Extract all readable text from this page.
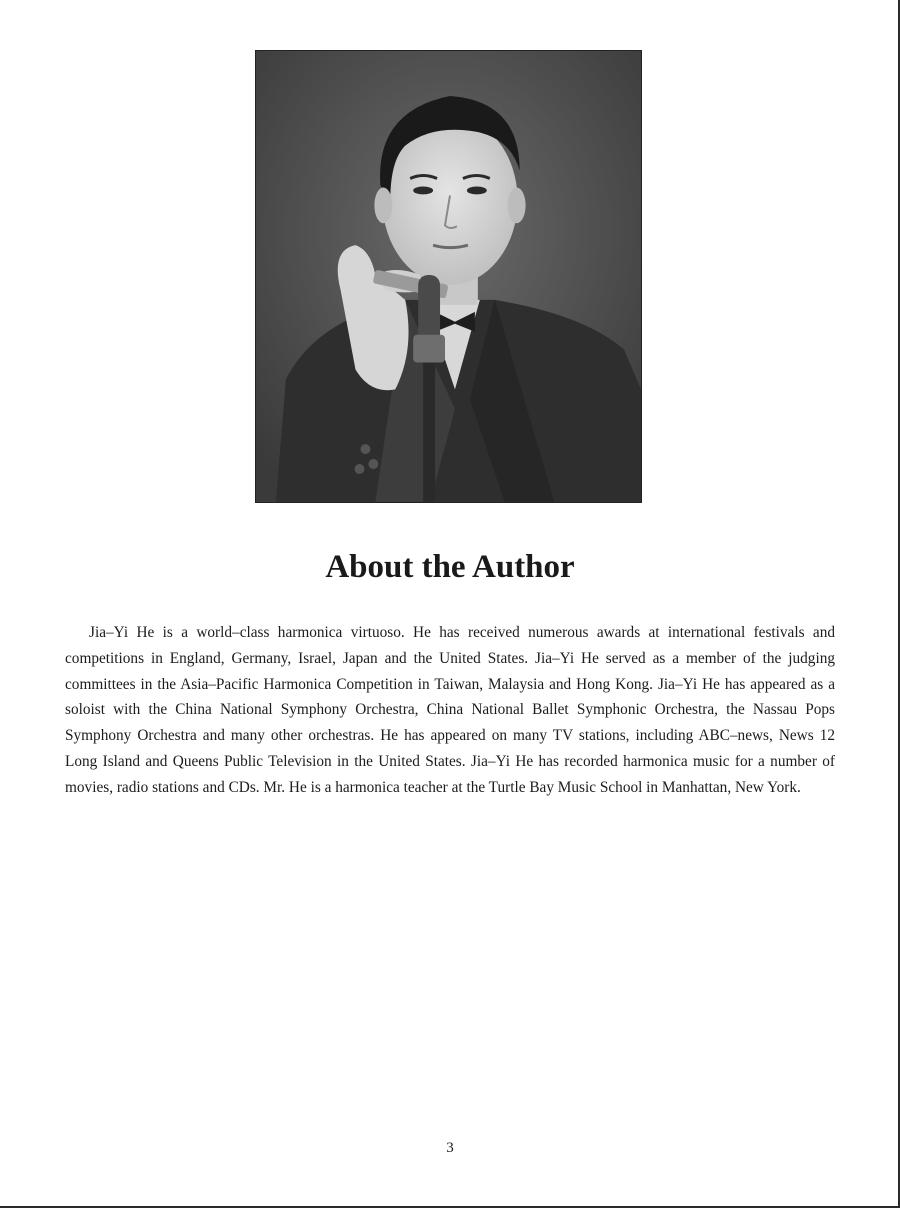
About the Author

Jia–Yi He is a world–class harmonica virtuoso. He has received numerous awards at international festivals and competitions in England, Germany, Israel, Japan and the United States. Jia–Yi He served as a member of the judging committees in the Asia–Pacific Harmonica Competition in Taiwan, Malaysia and Hong Kong. Jia–Yi He has appeared as a soloist with the China National Symphony Orchestra, China National Ballet Symphonic Orchestra, the Nassau Pops Symphony Orchestra and many other orchestras. He has appeared on many TV stations, including ABC–news, News 12 Long Island and Queens Public Television in the United States. Jia–Yi He has recorded harmonica music for a number of movies, radio stations and CDs. Mr. He is a harmonica teacher at the Turtle Bay Music School in Manhattan, New York.

3
